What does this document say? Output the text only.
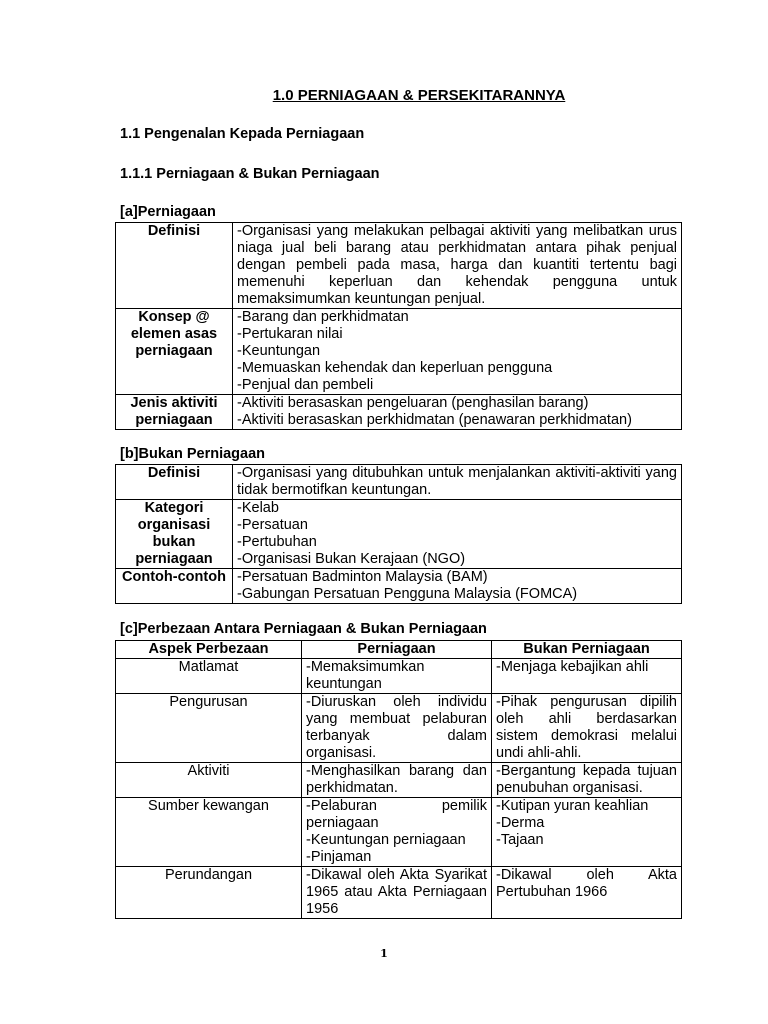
1.0 PERNIAGAAN & PERSEKITARANNYA
1.1 Pengenalan Kepada Perniagaan
1.1.1 Perniagaan & Bukan Perniagaan
[a]Perniagaan
Definisi	-Organisasi yang melakukan pelbagai aktiviti yang melibatkan urus niaga jual beli barang atau perkhidmatan antara pihak penjual dengan pembeli pada masa, harga dan kuantiti tertentu bagi memenuhi keperluan dan kehendak pengguna untuk memaksimumkan keuntungan penjual.

Konsep @ elemen asas perniagaan	-Barang dan perkhidmatan
-Pertukaran nilai
-Keuntungan
-Memuaskan kehendak dan keperluan pengguna
-Penjual dan pembeli

Jenis aktiviti perniagaan	-Aktiviti berasaskan pengeluaran (penghasilan barang)
-Aktiviti berasaskan perkhidmatan (penawaran perkhidmatan)
[b]Bukan Perniagaan
Definisi	-Organisasi yang ditubuhkan untuk menjalankan aktiviti-aktiviti yang tidak bermotifkan keuntungan.

Kategori organisasi bukan perniagaan	-Kelab
-Persatuan
-Pertubuhan
-Organisasi Bukan Kerajaan (NGO)

Contoh-contoh	-Persatuan Badminton Malaysia (BAM)
-Gabungan Persatuan Pengguna Malaysia (FOMCA)
[c]Perbezaan Antara Perniagaan & Bukan Perniagaan
Aspek Perbezaan	Perniagaan	Bukan Perniagaan
Matlamat	-Memaksimumkan keuntungan	-Menjaga kebajikan ahli

Pengurusan	-Diuruskan oleh individu yang membuat pelaburan terbanyak dalam organisasi.	-Pihak pengurusan dipilih oleh ahli berdasarkan sistem demokrasi melalui undi ahli-ahli.

Aktiviti	-Menghasilkan barang dan perkhidmatan.	-Bergantung kepada tujuan penubuhan organisasi.

Sumber kewangan	-Pelaburan pemilik perniagaan
-Keuntungan perniagaan
-Pinjaman	-Kutipan yuran keahlian
-Derma
-Tajaan

Perundangan	-Dikawal oleh Akta Syarikat 1965 atau Akta Perniagaan 1956	-Dikawal oleh Akta Pertubuhan 1966
1
